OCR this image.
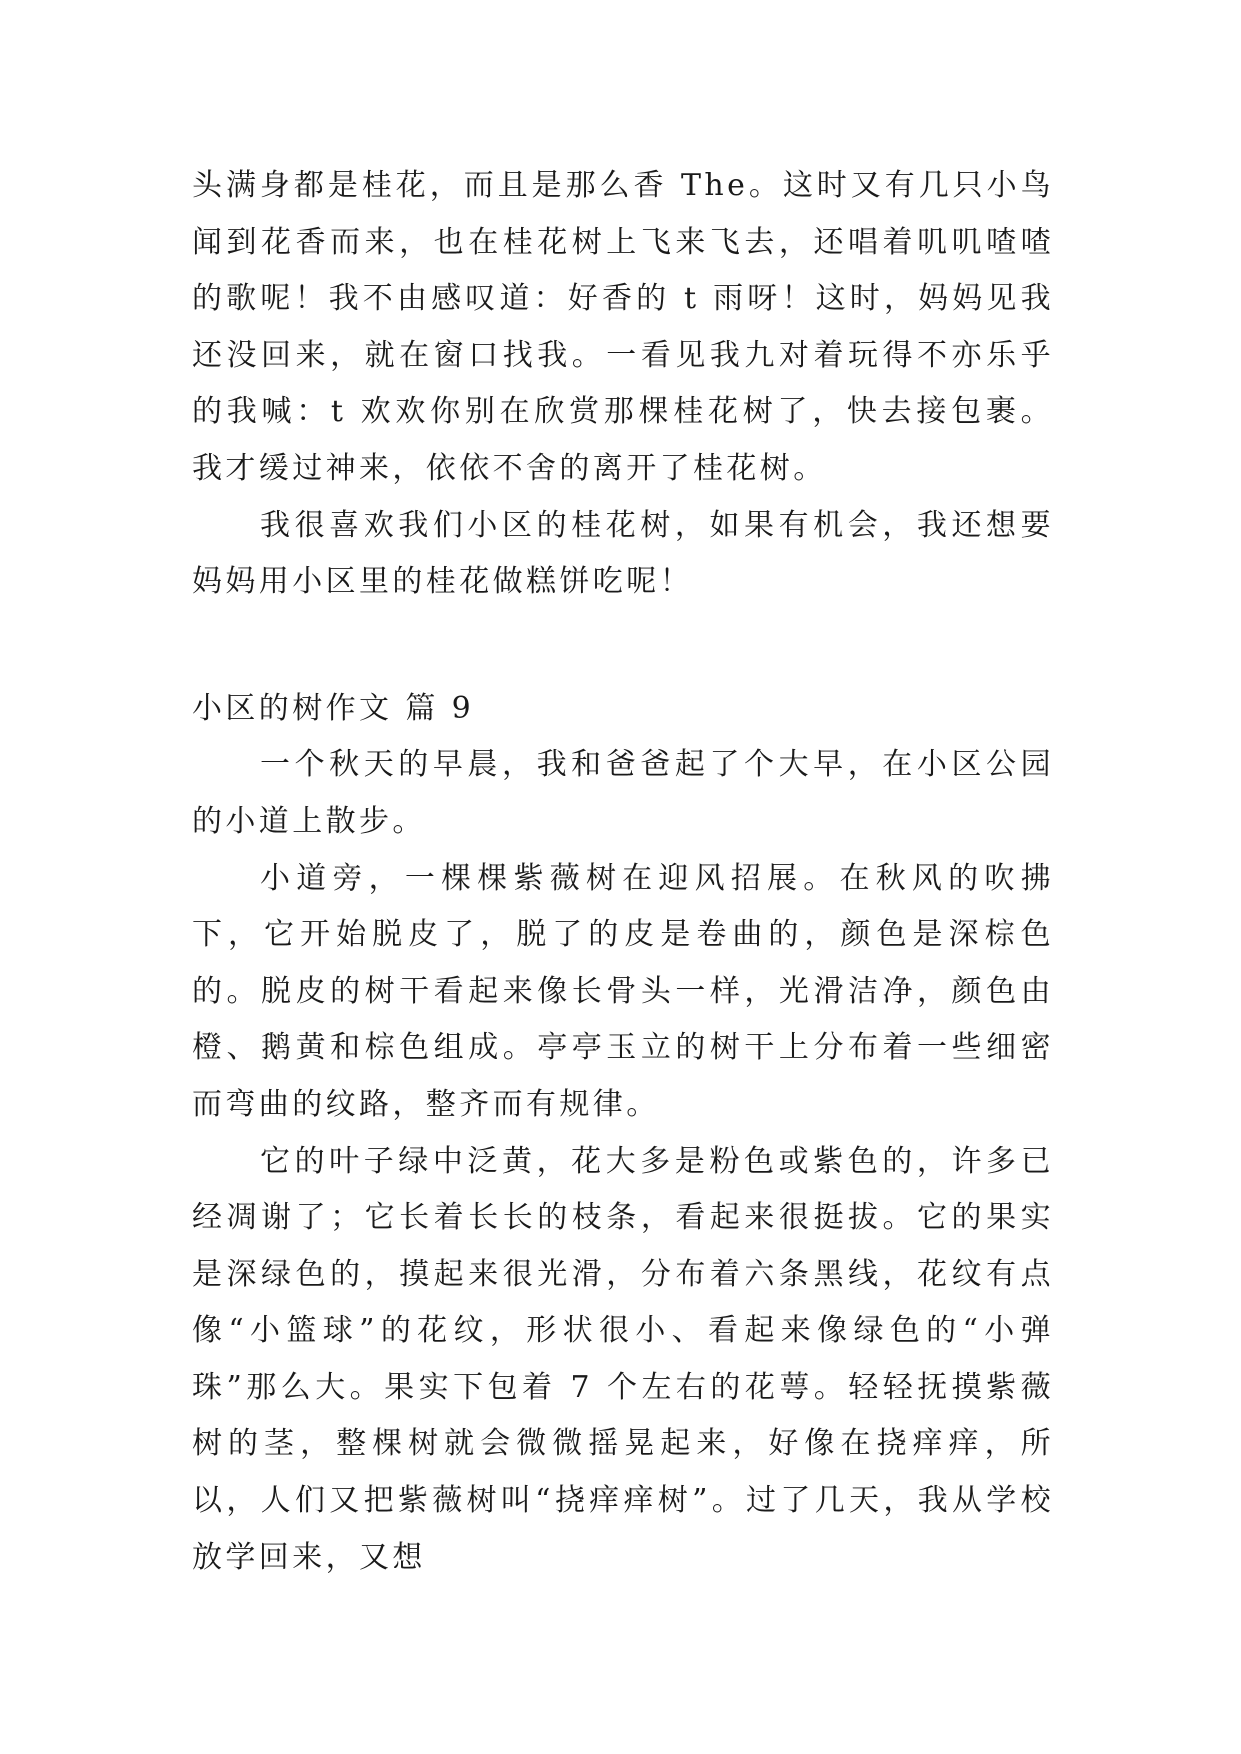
头满身都是桂花，而且是那么香 The。这时又有几只小鸟闻到花香而来，也在桂花树上飞来飞去，还唱着叽叽喳喳的歌呢！我不由感叹道：好香的 t 雨呀！这时，妈妈见我还没回来，就在窗口找我。一看见我九对着玩得不亦乐乎的我喊：t 欢欢你别在欣赏那棵桂花树了，快去接包裹。我才缓过神来，依依不舍的离开了桂花树。

我很喜欢我们小区的桂花树，如果有机会，我还想要妈妈用小区里的桂花做糕饼吃呢！

小区的树作文 篇 9

一个秋天的早晨，我和爸爸起了个大早，在小区公园的小道上散步。

小道旁，一棵棵紫薇树在迎风招展。在秋风的吹拂下，它开始脱皮了，脱了的皮是卷曲的，颜色是深棕色的。脱皮的树干看起来像长骨头一样，光滑洁净，颜色由橙、鹅黄和棕色组成。亭亭玉立的树干上分布着一些细密而弯曲的纹路，整齐而有规律。

它的叶子绿中泛黄，花大多是粉色或紫色的，许多已经凋谢了；它长着长长的枝条，看起来很挺拔。它的果实是深绿色的，摸起来很光滑，分布着六条黑线，花纹有点像“小篮球”的花纹，形状很小、看起来像绿色的“小弹珠”那么大。果实下包着 7 个左右的花萼。轻轻抚摸紫薇树的茎，整棵树就会微微摇晃起来，好像在挠痒痒，所以，人们又把紫薇树叫“挠痒痒树”。过了几天，我从学校放学回来，又想
